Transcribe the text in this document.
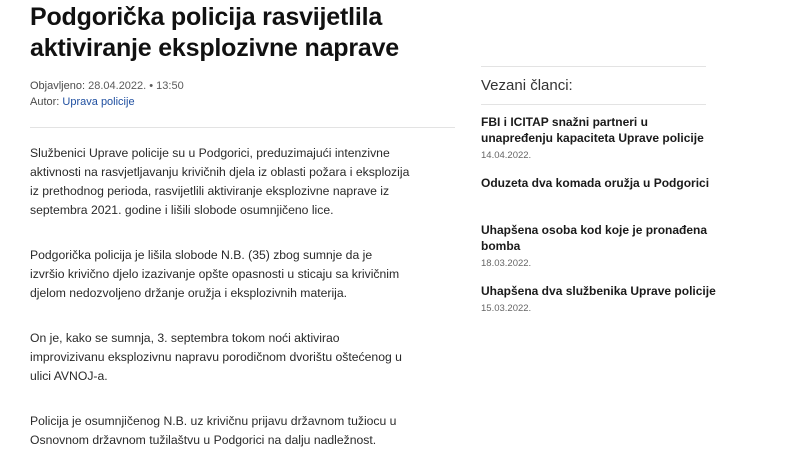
Podgorička policija rasvijetlila aktiviranje eksplozivne naprave
Objavljeno: 28.04.2022. • 13:50
Autor: Uprava policije

Službenici Uprave policije su u Podgorici, preduzimajući intenzivne aktivnosti na rasvjetljavanju krivičnih djela iz oblasti požara i eksplozija iz prethodnog perioda, rasvijetlili aktiviranje eksplozivne naprave iz septembra 2021. godine i lišili slobode osumnjičeno lice.

Podgorička policija je lišila slobode N.B. (35) zbog sumnje da je izvršio krivično djelo izazivanje opšte opasnosti u sticaju sa krivičnim djelom nedozvoljeno držanje oružja i eksplozivnih materija.

On je, kako se sumnja, 3. septembra tokom noći aktivirao improvizivanu eksplozivnu napravu porodičnom dvorištu oštećenog u ulici AVNOJ-a.

Policija je osumnjičenog N.B. uz krivičnu prijavu državnom tužiocu u Osnovnom državnom tužilaštvu u Podgorici na dalju nadležnost.

Vezani članci:
FBI i ICITAP snažni partneri u unapređenju kapaciteta Uprave policije
14.04.2022.
Oduzeta dva komada oružja u Podgorici
Uhapšena osoba kod koje je pronađena bomba
18.03.2022.
Uhapšena dva službenika Uprave policije
15.03.2022.
